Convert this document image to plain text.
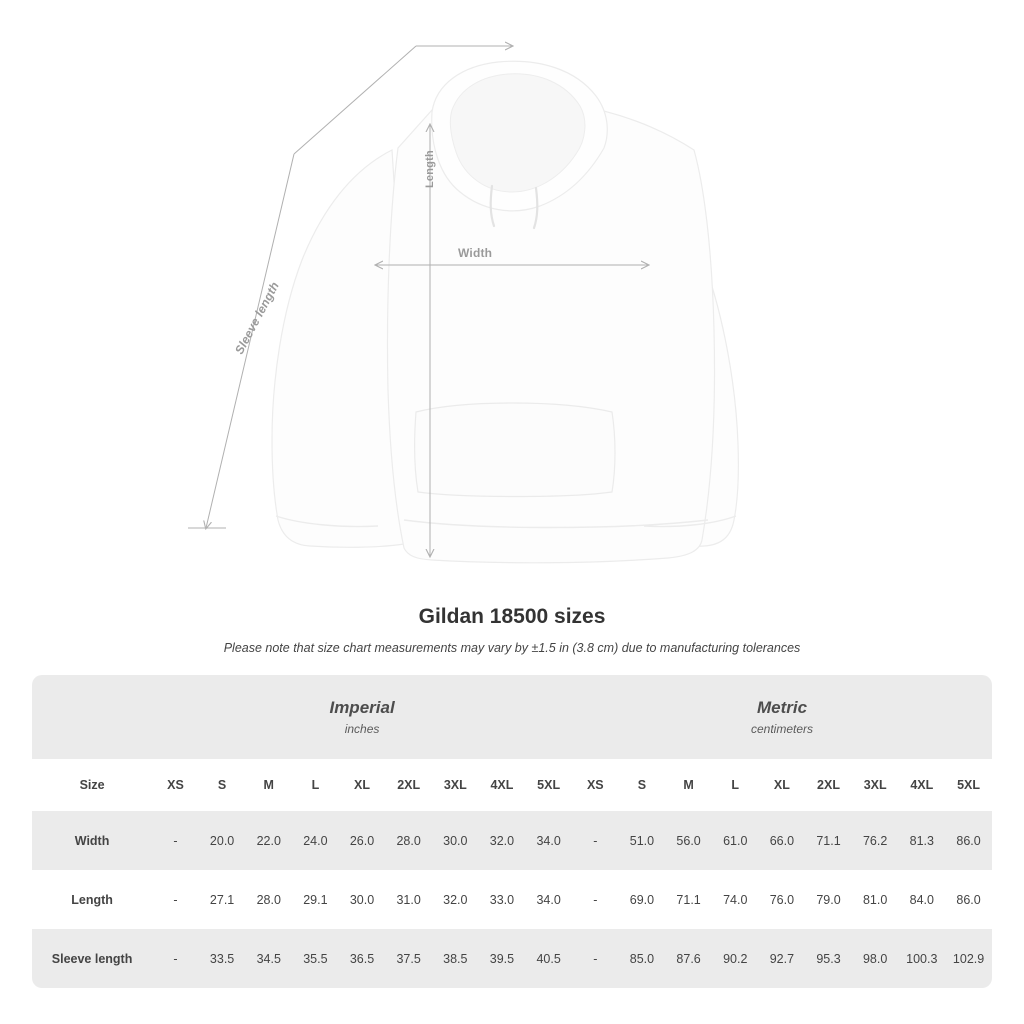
Length
Width
Sleeve length
Gildan 18500 sizes
Please note that size chart measurements may vary by ±1.5 in (3.8 cm) due to manufacturing tolerances

	Imperial
inches									Metric
centimeters								

Size	XS	S	M	L	XL	2XL	3XL	4XL	5XL	XS	S	M	L	XL	2XL	3XL	4XL	5XL
Width	-	20.0	22.0	24.0	26.0	28.0	30.0	32.0	34.0	-	51.0	56.0	61.0	66.0	71.1	76.2	81.3	86.0
Length	-	27.1	28.0	29.1	30.0	31.0	32.0	33.0	34.0	-	69.0	71.1	74.0	76.0	79.0	81.0	84.0	86.0
Sleeve length	-	33.5	34.5	35.5	36.5	37.5	38.5	39.5	40.5	-	85.0	87.6	90.2	92.7	95.3	98.0	100.3	102.9
